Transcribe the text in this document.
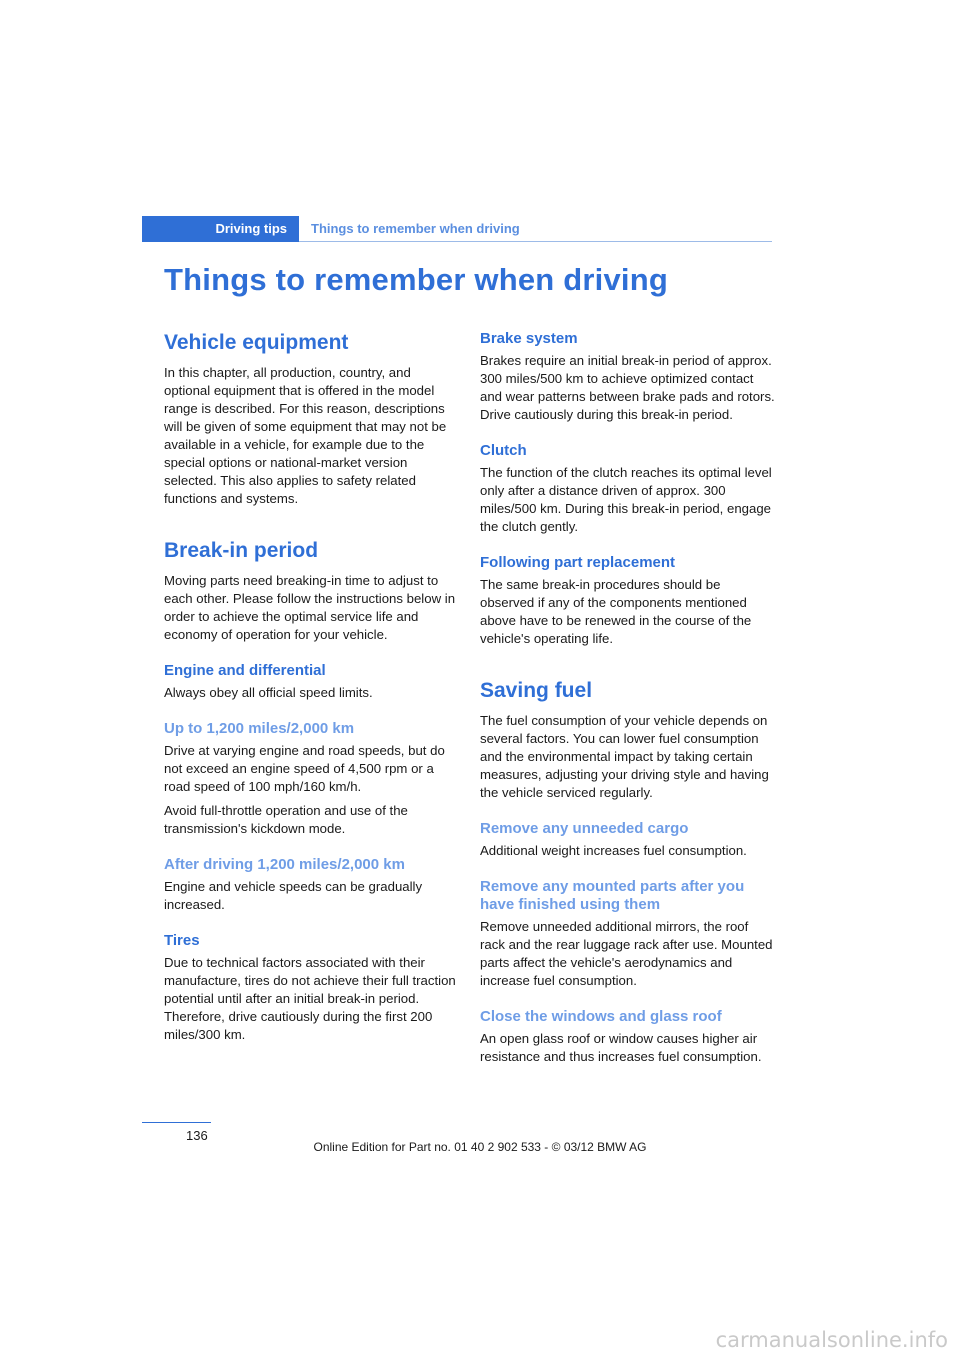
Driving tips Things to remember when driving
Things to remember when driving
Vehicle equipment

In this chapter, all production, country, and optional equipment that is offered in the model range is described. For this reason, descriptions will be given of some equipment that may not be available in a vehicle, for example due to the special options or national-market version selected. This also applies to safety related functions and systems.

Break-in period

Moving parts need breaking-in time to adjust to each other. Please follow the instructions below in order to achieve the optimal service life and economy of operation for your vehicle.

Engine and differential

Always obey all official speed limits.

Up to 1,200 miles/2,000 km

Drive at varying engine and road speeds, but do not exceed an engine speed of 4,500 rpm or a road speed of 100 mph/160 km/h.

Avoid full-throttle operation and use of the transmission's kickdown mode.

After driving 1,200 miles/2,000 km

Engine and vehicle speeds can be gradually increased.

Tires

Due to technical factors associated with their manufacture, tires do not achieve their full traction potential until after an initial break-in period. Therefore, drive cautiously during the first 200 miles/300 km.

Brake system

Brakes require an initial break-in period of approx. 300 miles/500 km to achieve optimized contact and wear patterns between brake pads and rotors. Drive cautiously during this break-in period.

Clutch

The function of the clutch reaches its optimal level only after a distance driven of approx. 300 miles/500 km. During this break-in period, engage the clutch gently.

Following part replacement

The same break-in procedures should be observed if any of the components mentioned above have to be renewed in the course of the vehicle's operating life.

Saving fuel

The fuel consumption of your vehicle depends on several factors. You can lower fuel consumption and the environmental impact by taking certain measures, adjusting your driving style and having the vehicle serviced regularly.

Remove any unneeded cargo

Additional weight increases fuel consumption.

Remove any mounted parts after you have finished using them

Remove unneeded additional mirrors, the roof rack and the rear luggage rack after use. Mounted parts affect the vehicle's aerodynamics and increase fuel consumption.

Close the windows and glass roof

An open glass roof or window causes higher air resistance and thus increases fuel consumption.

136
Online Edition for Part no. 01 40 2 902 533 - © 03/12 BMW AG
carmanualsonline.info
